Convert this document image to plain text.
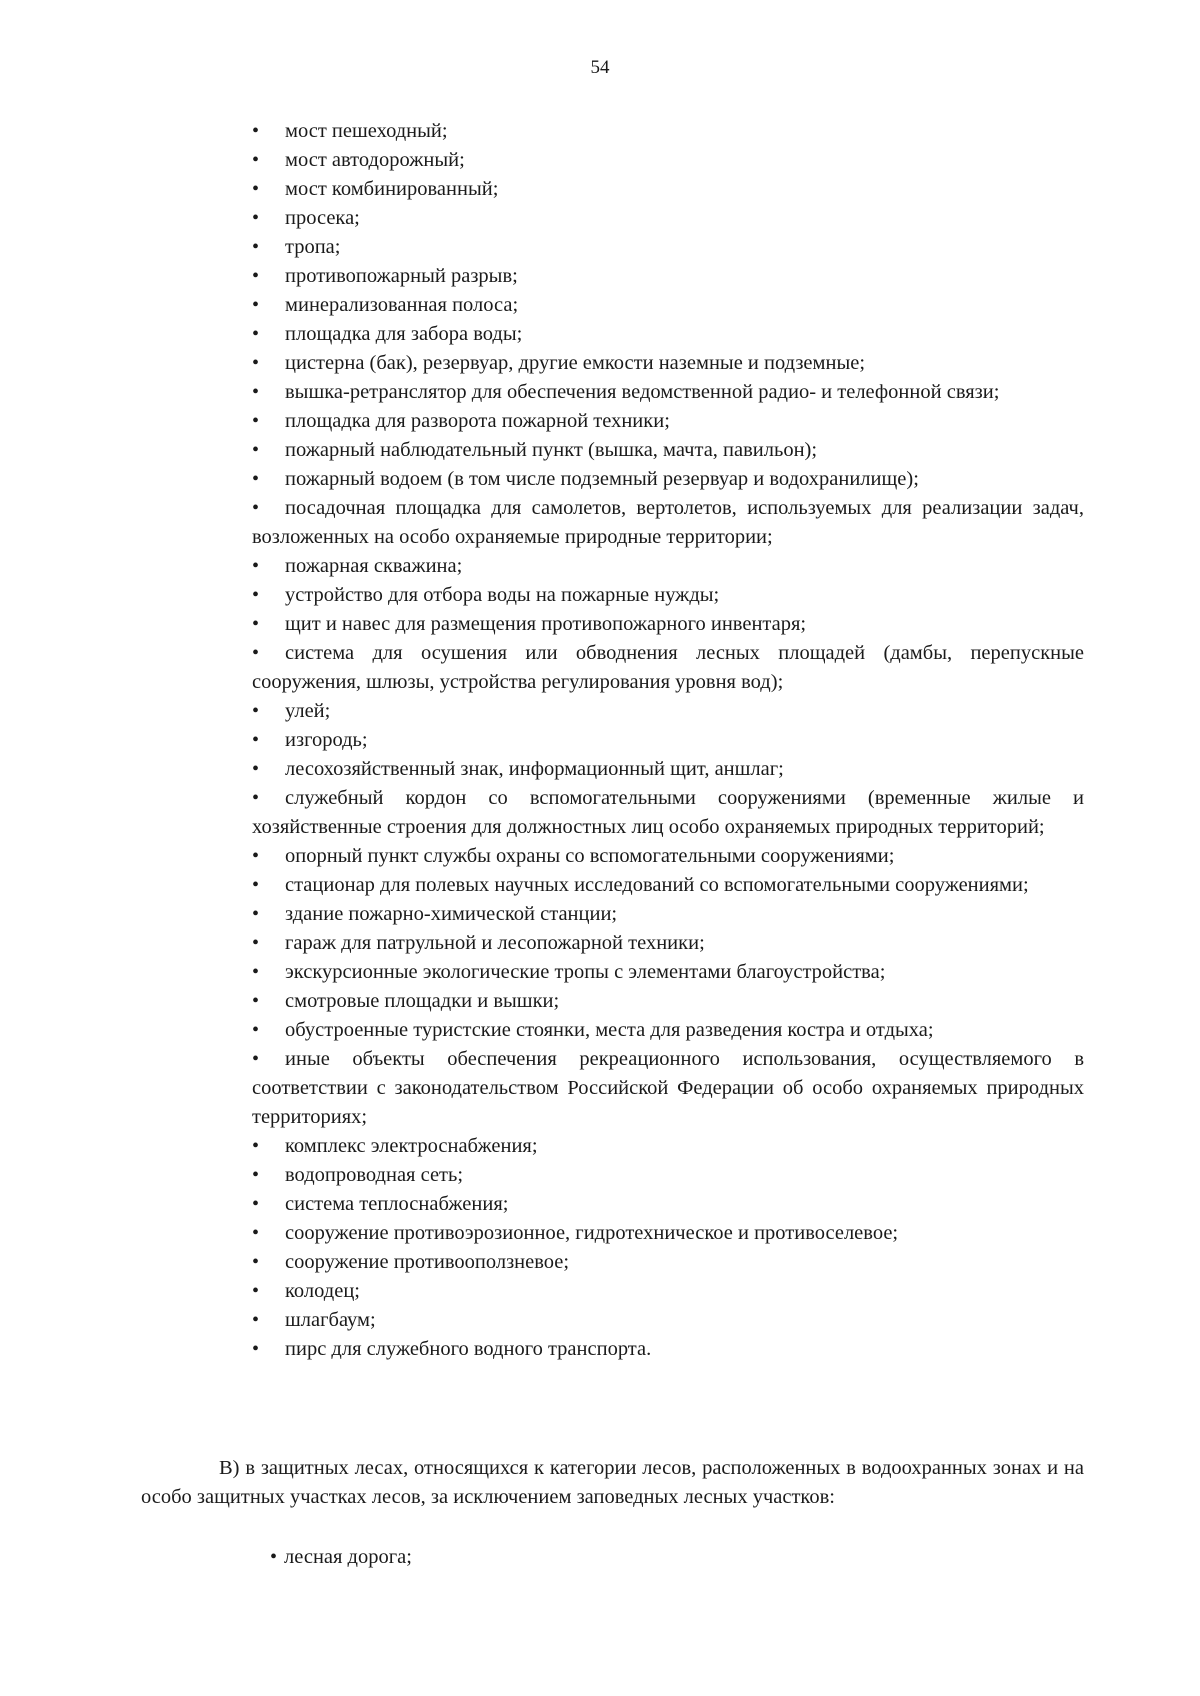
54
• мост пешеходный;
• мост автодорожный;
• мост комбинированный;
• просека;
• тропа;
• противопожарный разрыв;
• минерализованная полоса;
• площадка для забора воды;
• цистерна (бак), резервуар, другие емкости наземные и подземные;
• вышка-ретранслятор для обеспечения ведомственной радио- и телефонной связи;
• площадка для разворота пожарной техники;
• пожарный наблюдательный пункт (вышка, мачта, павильон);
• пожарный водоем (в том числе подземный резервуар и водохранилище);
• посадочная площадка для самолетов, вертолетов, используемых для реализации задач, возложенных на особо охраняемые природные территории;
• пожарная скважина;
• устройство для отбора воды на пожарные нужды;
• щит и навес для размещения противопожарного инвентаря;
• система для осушения или обводнения лесных площадей (дамбы, перепускные сооружения, шлюзы, устройства регулирования уровня вод);
• улей;
• изгородь;
• лесохозяйственный знак, информационный щит, аншлаг;
• служебный кордон со вспомогательными сооружениями (временные жилые и хозяйственные строения для должностных лиц особо охраняемых природных территорий;
• опорный пункт службы охраны со вспомогательными сооружениями;
• стационар для полевых научных исследований со вспомогательными сооружениями;
• здание пожарно-химической станции;
• гараж для патрульной и лесопожарной техники;
• экскурсионные экологические тропы с элементами благоустройства;
• смотровые площадки и вышки;
• обустроенные туристские стоянки, места для разведения костра и отдыха;
• иные объекты обеспечения рекреационного использования, осуществляемого в соответствии с законодательством Российской Федерации об особо охраняемых природных территориях;
• комплекс электроснабжения;
• водопроводная сеть;
• система теплоснабжения;
• сооружение противоэрозионное, гидротехническое и противоселевое;
• сооружение противооползневое;
• колодец;
• шлагбаум;
• пирс для служебного водного транспорта.

В) в защитных лесах, относящихся к категории лесов, расположенных в водоохранных зонах и на особо защитных участках лесов, за исключением заповедных лесных участков:

• лесная дорога;
